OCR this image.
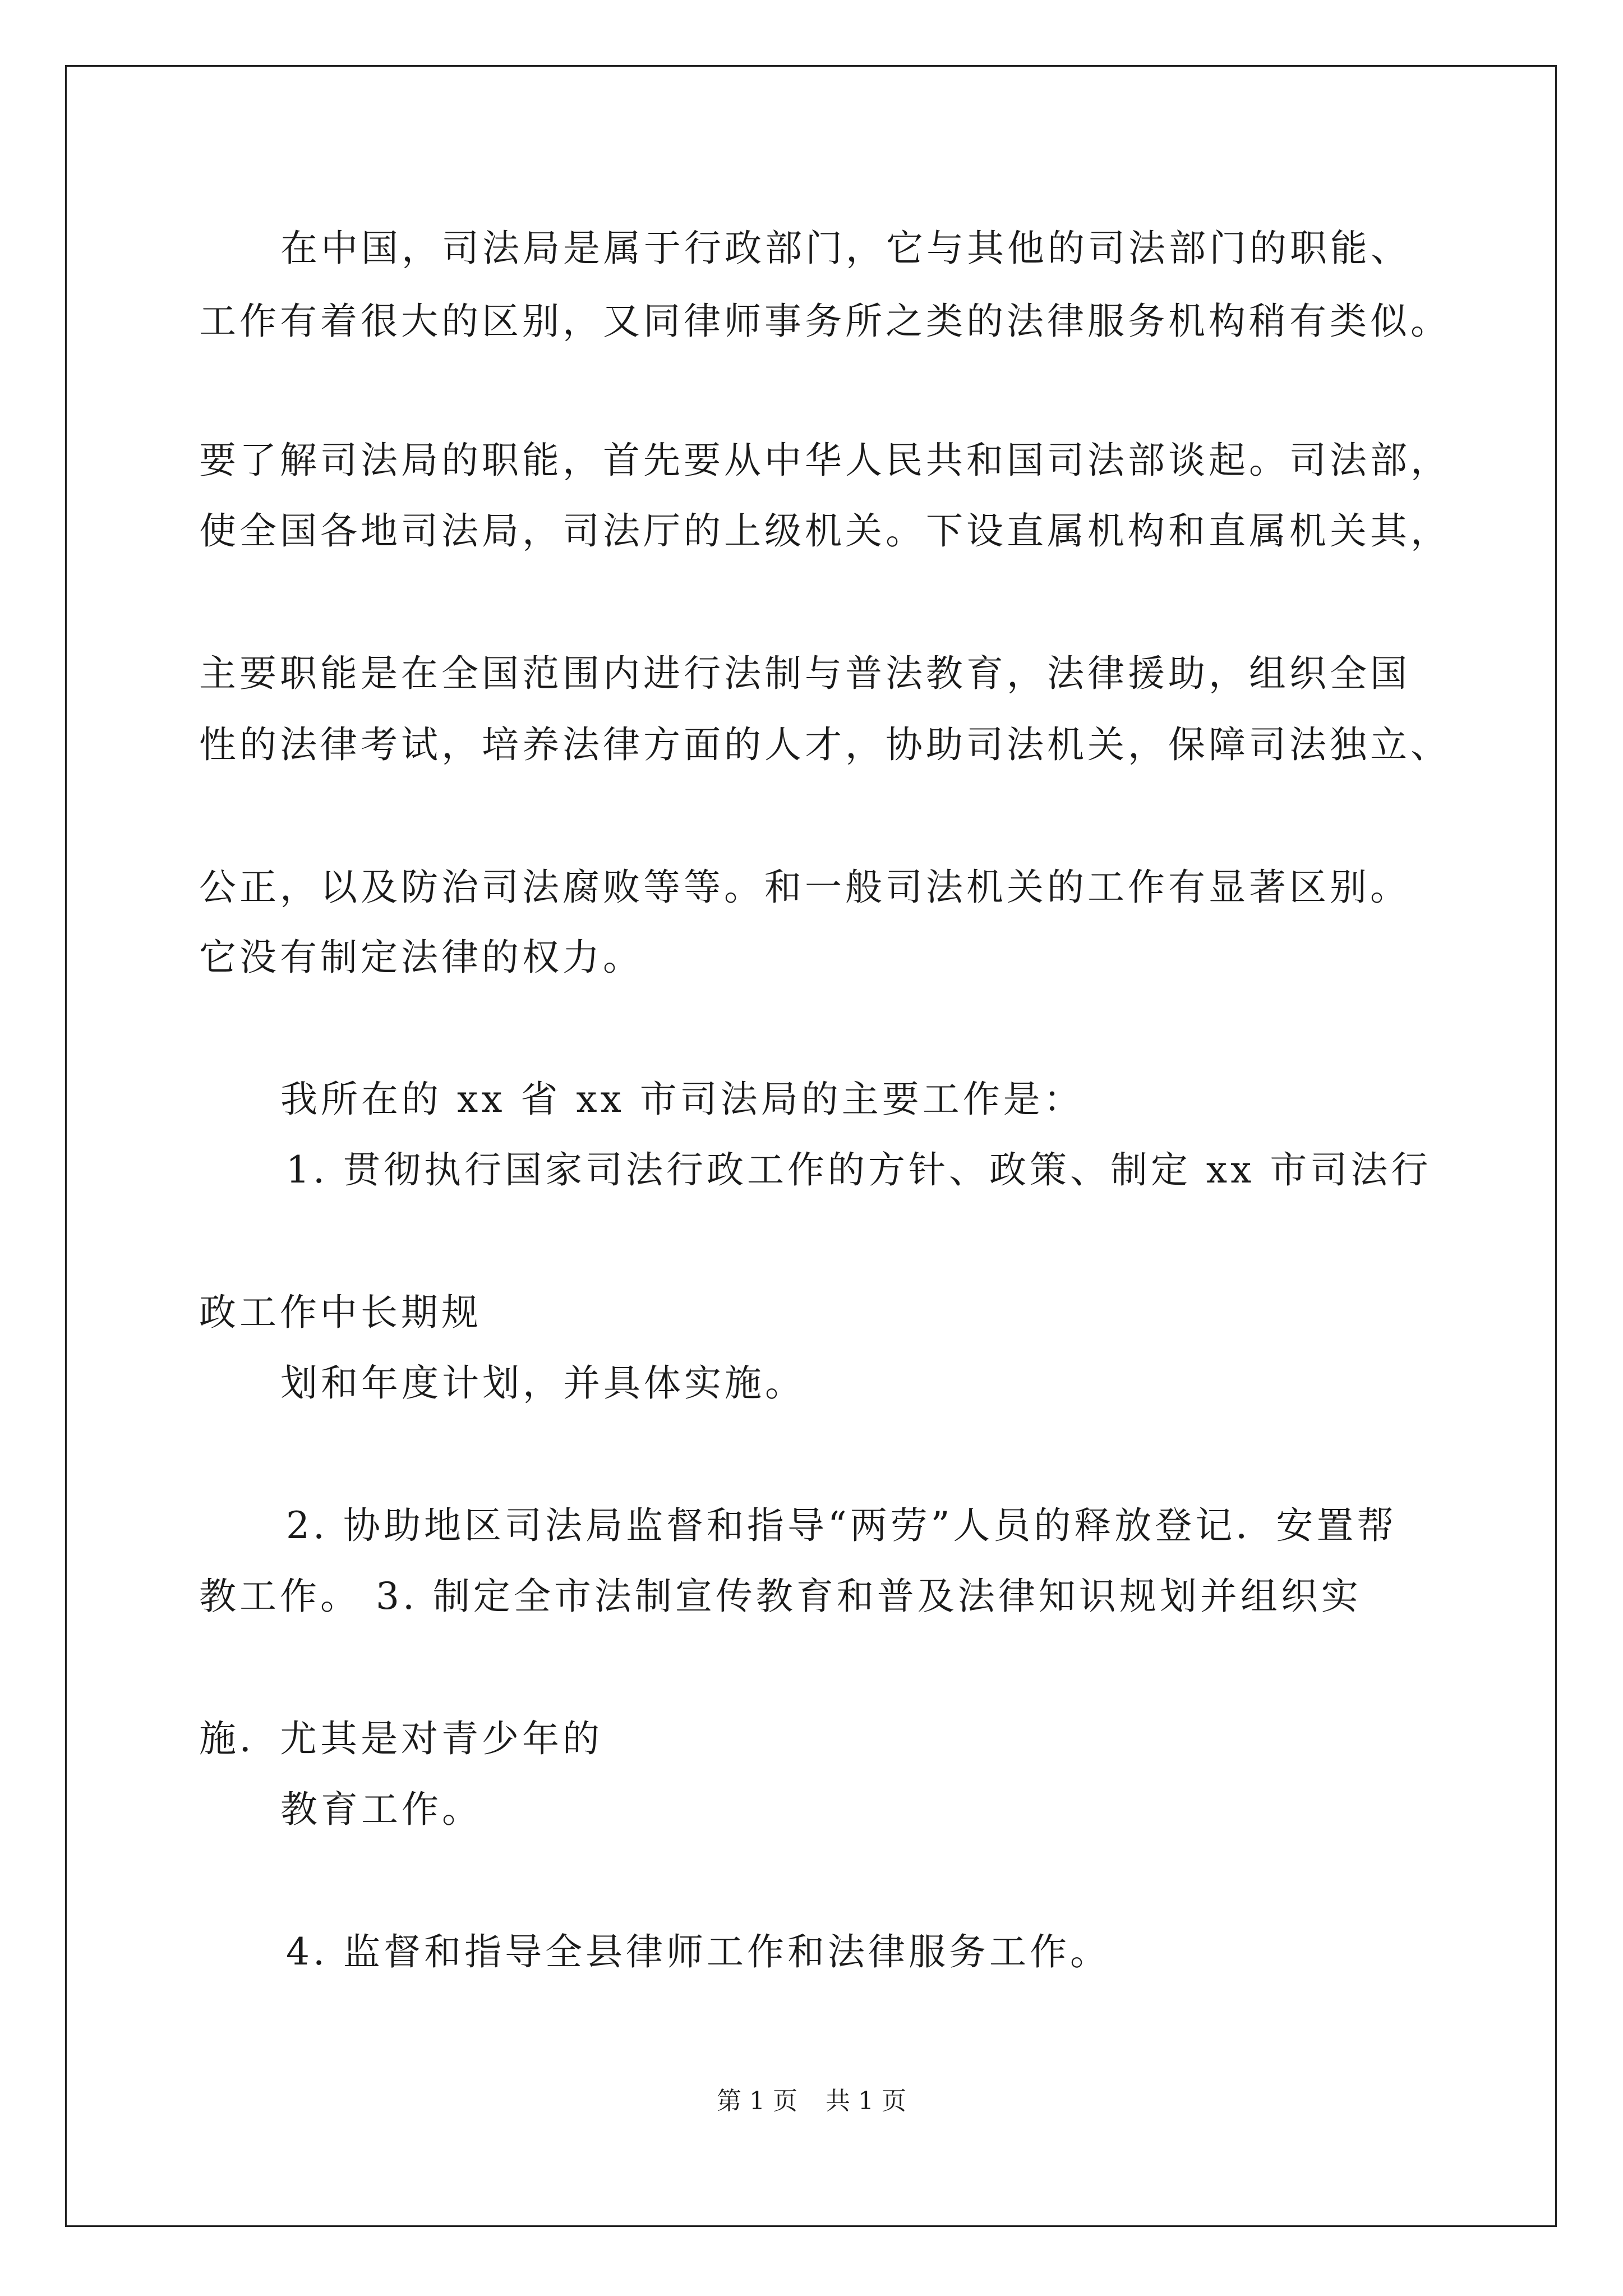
在中国，司法局是属于行政部门，它与其他的司法部门的职能、
工作有着很大的区别，又同律师事务所之类的法律服务机构稍有类似。
要了解司法局的职能，首先要从中华人民共和国司法部谈起。司法部，
使全国各地司法局，司法厅的上级机关。下设直属机构和直属机关其，
主要职能是在全国范围内进行法制与普法教育，法律援助，组织全国
性的法律考试，培养法律方面的人才，协助司法机关，保障司法独立、
公正，以及防治司法腐败等等。和一般司法机关的工作有显著区别。
它没有制定法律的权力。
我所在的 xx 省 xx 市司法局的主要工作是：
1. 贯彻执行国家司法行政工作的方针、政策、制定 xx 市司法行
政工作中长期规
划和年度计划，并具体实施。
2. 协助地区司法局监督和指导“两劳”人员的释放登记．安置帮
教工作。 3. 制定全市法制宣传教育和普及法律知识规划并组织实
施．尤其是对青少年的
教育工作。
4. 监督和指导全县律师工作和法律服务工作。
第 1 页 共 1 页
